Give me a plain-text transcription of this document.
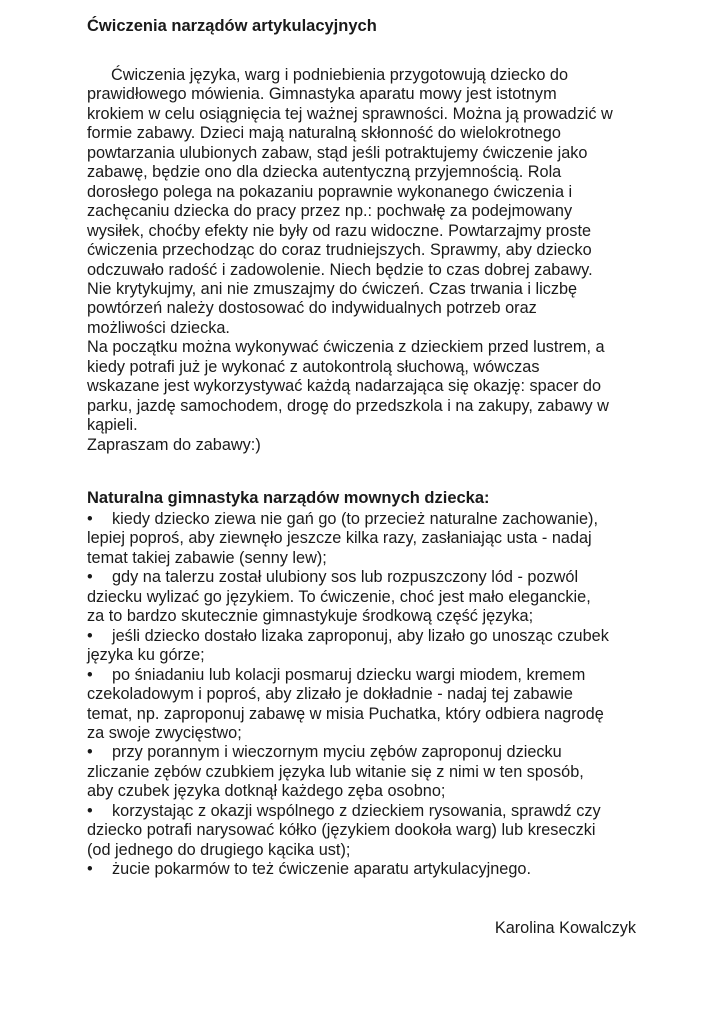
Ćwiczenia narządów artykulacyjnych
Ćwiczenia języka, warg i podniebienia przygotowują dziecko do
prawidłowego mówienia. Gimnastyka aparatu mowy jest istotnym
krokiem w celu osiągnięcia tej ważnej sprawności. Można ją prowadzić w
formie zabawy. Dzieci mają naturalną skłonność do wielokrotnego
powtarzania ulubionych zabaw, stąd jeśli potraktujemy ćwiczenie jako
zabawę, będzie ono dla dziecka autentyczną przyjemnością. Rola
dorosłego polega na pokazaniu poprawnie wykonanego ćwiczenia i
zachęcaniu dziecka do pracy przez np.: pochwałę za podejmowany
wysiłek, choćby efekty nie były od razu widoczne. Powtarzajmy proste
ćwiczenia przechodząc do coraz trudniejszych. Sprawmy, aby dziecko
odczuwało radość i zadowolenie. Niech będzie to czas dobrej zabawy.
Nie krytykujmy, ani nie zmuszajmy do ćwiczeń. Czas trwania i liczbę
powtórzeń należy dostosować do indywidualnych potrzeb oraz
możliwości dziecka.
Na początku można wykonywać ćwiczenia z dzieckiem przed lustrem, a
kiedy potrafi już je wykonać z autokontrolą słuchową, wówczas
wskazane jest wykorzystywać każdą nadarzająca się okazję: spacer do
parku, jazdę samochodem, drogę do przedszkola i na zakupy, zabawy w
kąpieli.
Zapraszam do zabawy:)
Naturalna gimnastyka narządów mownych dziecka:
• kiedy dziecko ziewa nie gań go (to przecież naturalne zachowanie),
lepiej poproś, aby ziewnęło jeszcze kilka razy, zasłaniając usta - nadaj
temat takiej zabawie (senny lew);
• gdy na talerzu został ulubiony sos lub rozpuszczony lód - pozwól
dziecku wylizać go językiem. To ćwiczenie, choć jest mało eleganckie,
za to bardzo skutecznie gimnastykuje środkową część języka;
• jeśli dziecko dostało lizaka zaproponuj, aby lizało go unosząc czubek
języka ku górze;
• po śniadaniu lub kolacji posmaruj dziecku wargi miodem, kremem
czekoladowym i poproś, aby zlizało je dokładnie - nadaj tej zabawie
temat, np. zaproponuj zabawę w misia Puchatka, który odbiera nagrodę
za swoje zwycięstwo;
• przy porannym i wieczornym myciu zębów zaproponuj dziecku
zliczanie zębów czubkiem języka lub witanie się z nimi w ten sposób,
aby czubek języka dotknął każdego zęba osobno;
• korzystając z okazji wspólnego z dzieckiem rysowania, sprawdź czy
dziecko potrafi narysować kółko (językiem dookoła warg) lub kreseczki
(od jednego do drugiego kącika ust);
• żucie pokarmów to też ćwiczenie aparatu artykulacyjnego.
Karolina Kowalczyk
